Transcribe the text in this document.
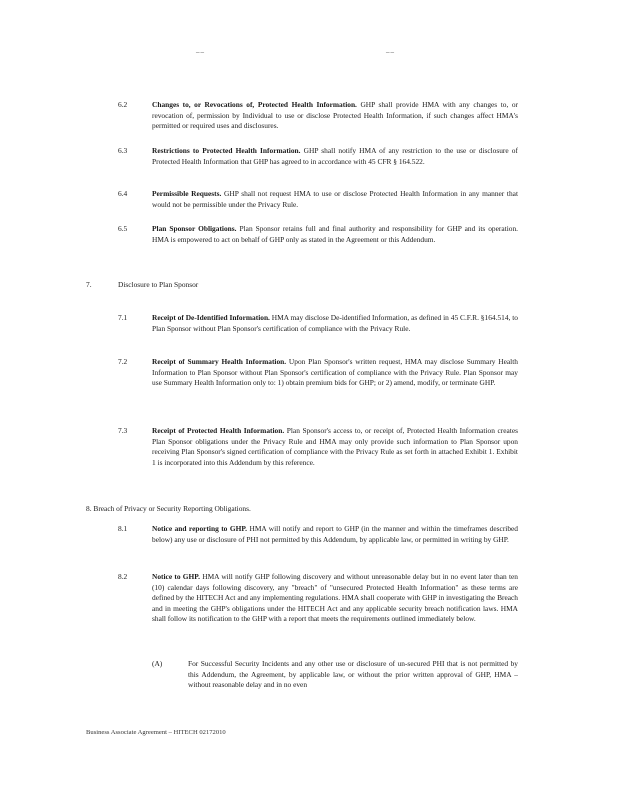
__	__
6.2	Changes to, or Revocations of, Protected Health Information. GHP shall provide HMA with any changes to, or revocation of, permission by Individual to use or disclose Protected Health Information, if such changes affect HMA's permitted or required uses and disclosures.
6.3	Restrictions to Protected Health Information. GHP shall notify HMA of any restriction to the use or disclosure of Protected Health Information that GHP has agreed to in accordance with 45 CFR § 164.522.
6.4	Permissible Requests. GHP shall not request HMA to use or disclose Protected Health Information in any manner that would not be permissible under the Privacy Rule.
6.5	Plan Sponsor Obligations. Plan Sponsor retains full and final authority and responsibility for GHP and its operation. HMA is empowered to act on behalf of GHP only as stated in the Agreement or this Addendum.
7.	Disclosure to Plan Sponsor
7.1	Receipt of De-Identified Information. HMA may disclose De-identified Information, as defined in 45 C.F.R. §164.514, to Plan Sponsor without Plan Sponsor's certification of compliance with the Privacy Rule.
7.2	Receipt of Summary Health Information. Upon Plan Sponsor's written request, HMA may disclose Summary Health Information to Plan Sponsor without Plan Sponsor's certification of compliance with the Privacy Rule. Plan Sponsor may use Summary Health Information only to: 1) obtain premium bids for GHP; or 2) amend, modify, or terminate GHP.
7.3	Receipt of Protected Health Information. Plan Sponsor's access to, or receipt of, Protected Health Information creates Plan Sponsor obligations under the Privacy Rule and HMA may only provide such information to Plan Sponsor upon receiving Plan Sponsor's signed certification of compliance with the Privacy Rule as set forth in attached Exhibit 1. Exhibit 1 is incorporated into this Addendum by this reference.
8. Breach of Privacy or Security Reporting Obligations.
8.1	Notice and reporting to GHP. HMA will notify and report to GHP (in the manner and within the timeframes described below) any use or disclosure of PHI not permitted by this Addendum, by applicable law, or permitted in writing by GHP.
8.2	Notice to GHP. HMA will notify GHP following discovery and without unreasonable delay but in no event later than ten (10) calendar days following discovery, any "breach" of "unsecured Protected Health Information" as these terms are defined by the HITECH Act and any implementing regulations. HMA shall cooperate with GHP in investigating the Breach and in meeting the GHP's obligations under the HITECH Act and any applicable security breach notification laws. HMA shall follow its notification to the GHP with a report that meets the requirements outlined immediately below.
(A)	For Successful Security Incidents and any other use or disclosure of un-secured PHI that is not permitted by this Addendum, the Agreement, by applicable law, or without the prior written approval of GHP, HMA – without reasonable delay and in no even
Business Associate Agreement – HITECH 02172010
